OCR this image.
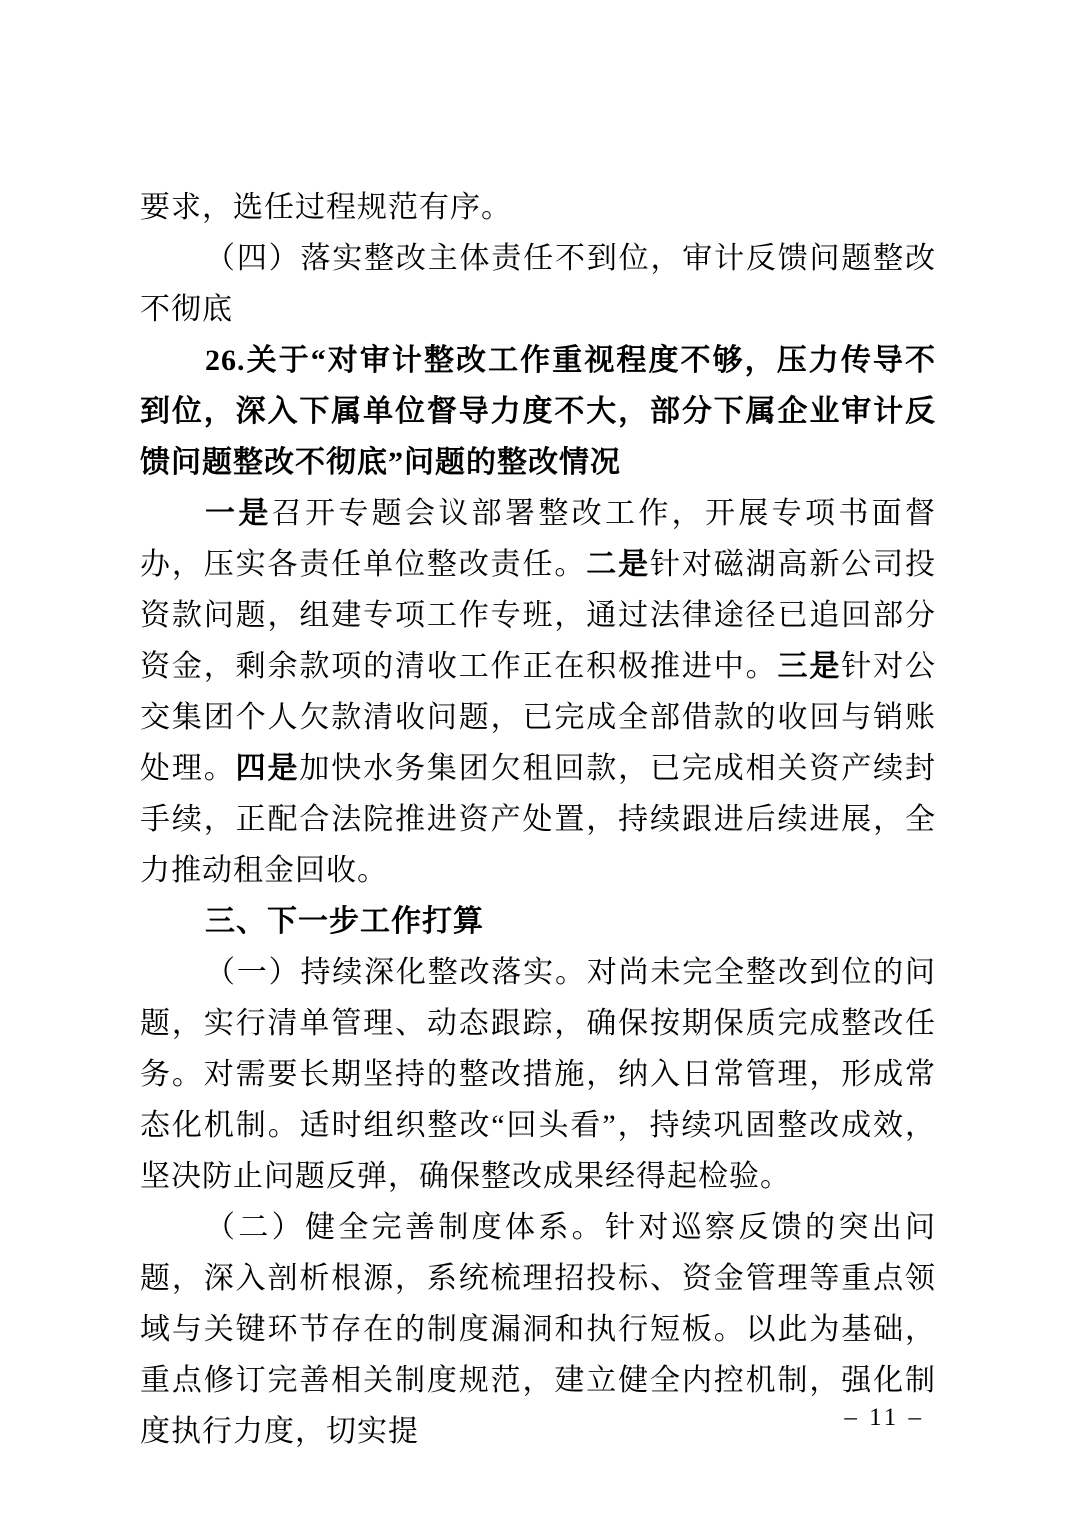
要求，选任过程规范有序。

（四）落实整改主体责任不到位，审计反馈问题整改不彻底

26.关于“对审计整改工作重视程度不够，压力传导不到位，深入下属单位督导力度不大，部分下属企业审计反馈问题整改不彻底”问题的整改情况

一是召开专题会议部署整改工作，开展专项书面督办，压实各责任单位整改责任。二是针对磁湖高新公司投资款问题，组建专项工作专班，通过法律途径已追回部分资金，剩余款项的清收工作正在积极推进中。三是针对公交集团个人欠款清收问题，已完成全部借款的收回与销账处理。四是加快水务集团欠租回款，已完成相关资产续封手续，正配合法院推进资产处置，持续跟进后续进展，全力推动租金回收。

三、下一步工作打算

（一）持续深化整改落实。对尚未完全整改到位的问题，实行清单管理、动态跟踪，确保按期保质完成整改任务。对需要长期坚持的整改措施，纳入日常管理，形成常态化机制。适时组织整改“回头看”，持续巩固整改成效，坚决防止问题反弹，确保整改成果经得起检验。

（二）健全完善制度体系。针对巡察反馈的突出问题，深入剖析根源，系统梳理招投标、资金管理等重点领域与关键环节存在的制度漏洞和执行短板。以此为基础，重点修订完善相关制度规范，建立健全内控机制，强化制度执行力度，切实提	– 11 –
